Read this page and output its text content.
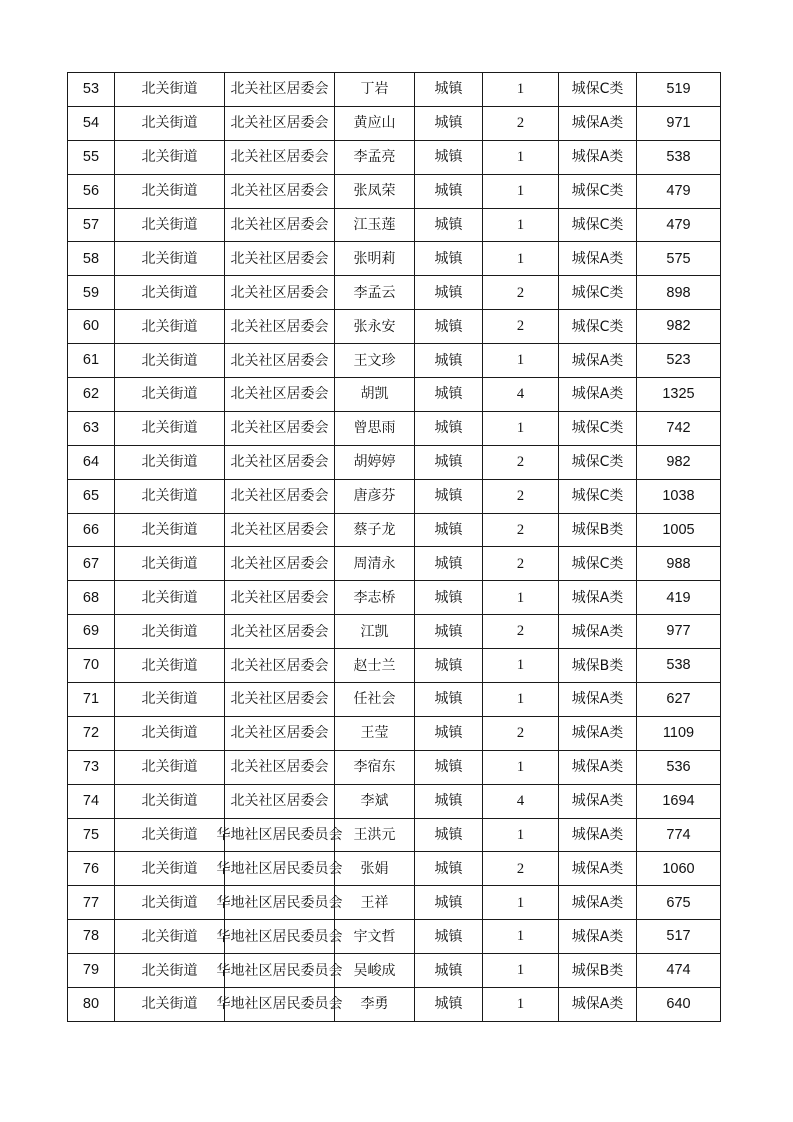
53	北关街道	北关社区居委会	丁岩	城镇	1	城保C类	519
54	北关街道	北关社区居委会	黄应山	城镇	2	城保A类	971
55	北关街道	北关社区居委会	李孟亮	城镇	1	城保A类	538
56	北关街道	北关社区居委会	张凤荣	城镇	1	城保C类	479
57	北关街道	北关社区居委会	江玉莲	城镇	1	城保C类	479
58	北关街道	北关社区居委会	张明莉	城镇	1	城保A类	575
59	北关街道	北关社区居委会	李孟云	城镇	2	城保C类	898
60	北关街道	北关社区居委会	张永安	城镇	2	城保C类	982
61	北关街道	北关社区居委会	王文珍	城镇	1	城保A类	523
62	北关街道	北关社区居委会	胡凯	城镇	4	城保A类	1325
63	北关街道	北关社区居委会	曾思雨	城镇	1	城保C类	742
64	北关街道	北关社区居委会	胡婷婷	城镇	2	城保C类	982
65	北关街道	北关社区居委会	唐彦芬	城镇	2	城保C类	1038
66	北关街道	北关社区居委会	蔡子龙	城镇	2	城保B类	1005
67	北关街道	北关社区居委会	周清永	城镇	2	城保C类	988
68	北关街道	北关社区居委会	李志桥	城镇	1	城保A类	419
69	北关街道	北关社区居委会	江凯	城镇	2	城保A类	977
70	北关街道	北关社区居委会	赵士兰	城镇	1	城保B类	538
71	北关街道	北关社区居委会	任社会	城镇	1	城保A类	627
72	北关街道	北关社区居委会	王莹	城镇	2	城保A类	1109
73	北关街道	北关社区居委会	李宿东	城镇	1	城保A类	536
74	北关街道	北关社区居委会	李斌	城镇	4	城保A类	1694
75	北关街道	华地社区居民委员会	王洪元	城镇	1	城保A类	774
76	北关街道	华地社区居民委员会	张娟	城镇	2	城保A类	1060
77	北关街道	华地社区居民委员会	王祥	城镇	1	城保A类	675
78	北关街道	华地社区居民委员会	宇文哲	城镇	1	城保A类	517
79	北关街道	华地社区居民委员会	吴峻成	城镇	1	城保B类	474
80	北关街道	华地社区居民委员会	李勇	城镇	1	城保A类	640
